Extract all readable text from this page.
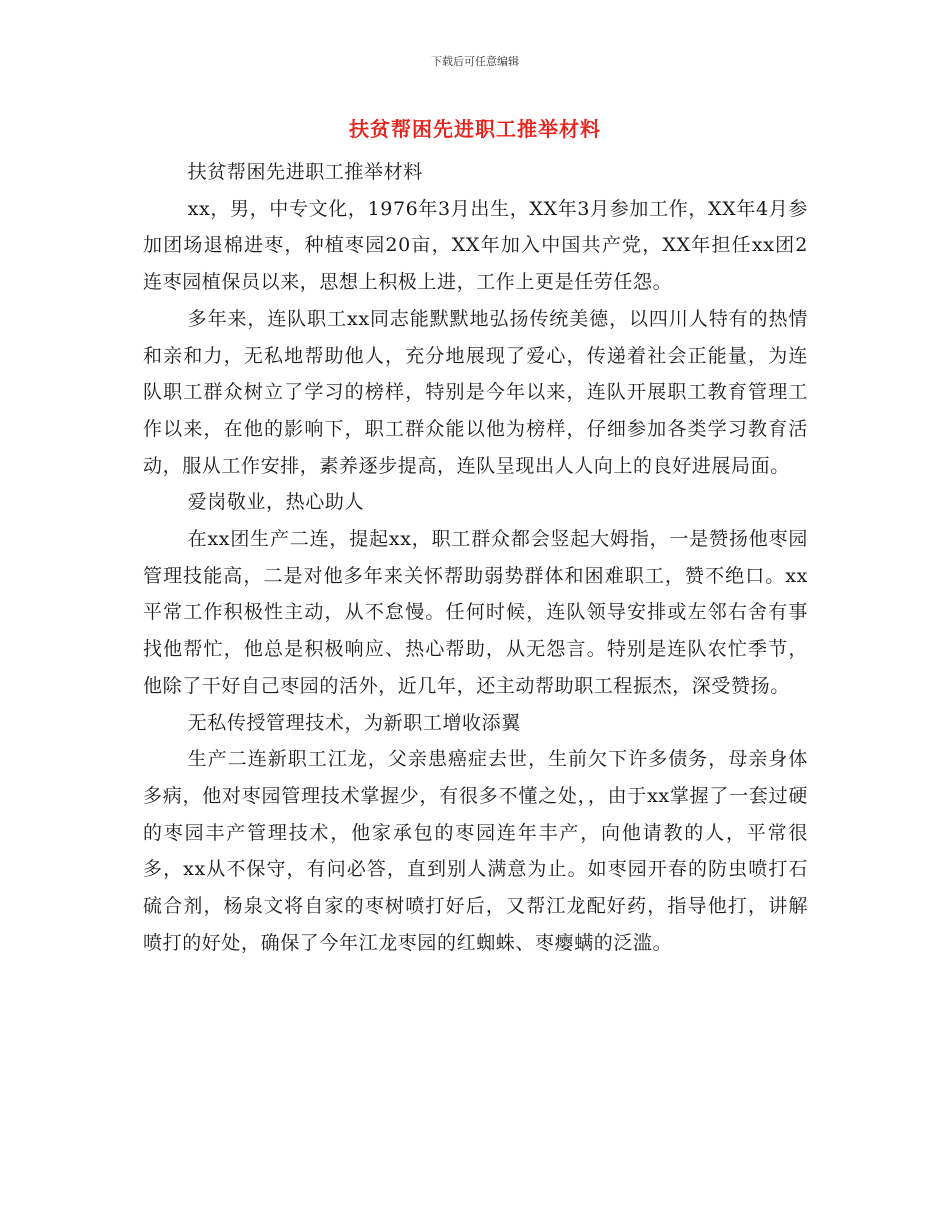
下载后可任意编辑
扶贫帮困先进职工推举材料

扶贫帮困先进职工推举材料

xx，男，中专文化，1976年3月出生，XX年3月参加工作，XX年4月参加团场退棉进枣，种植枣园20亩，XX年加入中国共产党，XX年担任xx团2连枣园植保员以来，思想上积极上进，工作上更是任劳任怨。

多年来，连队职工xx同志能默默地弘扬传统美德，以四川人特有的热情和亲和力，无私地帮助他人，充分地展现了爱心，传递着社会正能量，为连队职工群众树立了学习的榜样，特别是今年以来，连队开展职工教育管理工作以来，在他的影响下，职工群众能以他为榜样，仔细参加各类学习教育活动，服从工作安排，素养逐步提高，连队呈现出人人向上的良好进展局面。

爱岗敬业，热心助人

在xx团生产二连，提起xx，职工群众都会竖起大姆指，一是赞扬他枣园管理技能高，二是对他多年来关怀帮助弱势群体和困难职工，赞不绝口。xx平常工作积极性主动，从不怠慢。任何时候，连队领导安排或左邻右舍有事找他帮忙，他总是积极响应、热心帮助，从无怨言。特别是连队农忙季节，他除了干好自己枣园的活外，近几年，还主动帮助职工程振杰，深受赞扬。

无私传授管理技术，为新职工增收添翼

生产二连新职工江龙，父亲患癌症去世，生前欠下许多债务，母亲身体多病，他对枣园管理技术掌握少，有很多不懂之处，，由于xx掌握了一套过硬的枣园丰产管理技术，他家承包的枣园连年丰产，向他请教的人，平常很多，xx从不保守，有问必答，直到别人满意为止。如枣园开春的防虫喷打石硫合剂，杨泉文将自家的枣树喷打好后，又帮江龙配好药，指导他打，讲解喷打的好处，确保了今年江龙枣园的红蜘蛛、枣瘿螨的泛滥。
